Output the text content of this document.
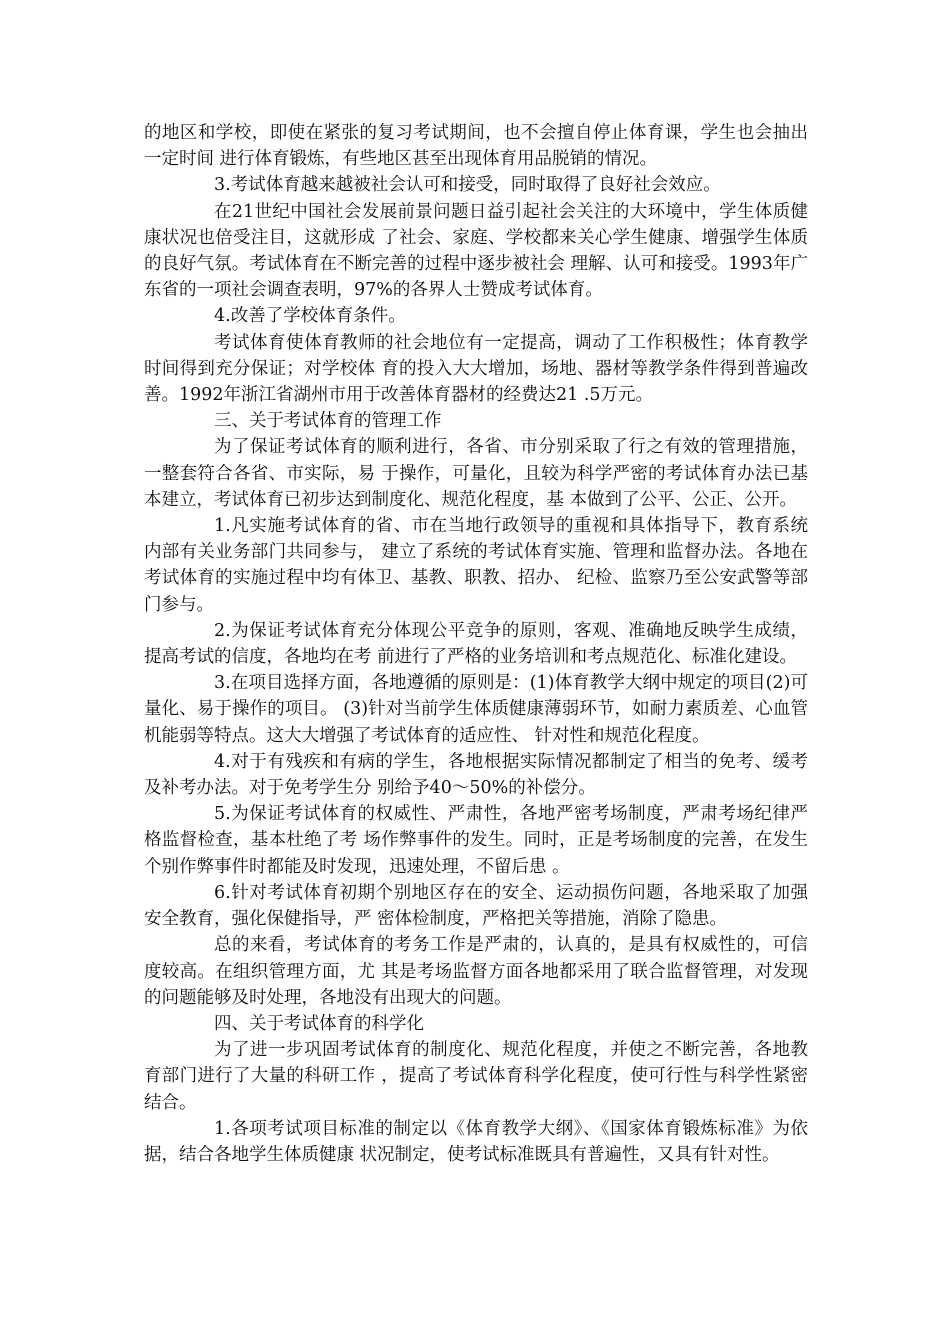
的地区和学校，即使在紧张的复习考试期间，也不会擅自停止体育课，学生也会抽出一定时间 进行体育锻炼，有些地区甚至出现体育用品脱销的情况。

3.考试体育越来越被社会认可和接受，同时取得了良好社会效应。

在21世纪中国社会发展前景问题日益引起社会关注的大环境中，学生体质健康状况也倍受注目，这就形成 了社会、家庭、学校都来关心学生健康、增强学生体质的良好气氛。考试体育在不断完善的过程中逐步被社会 理解、认可和接受。1993年广东省的一项社会调查表明，97%的各界人士赞成考试体育。

4.改善了学校体育条件。

考试体育使体育教师的社会地位有一定提高，调动了工作积极性；体育教学时间得到充分保证；对学校体 育的投入大大增加，场地、器材等教学条件得到普遍改善。1992年浙江省湖州市用于改善体育器材的经费达21 .5万元。

三、关于考试体育的管理工作

为了保证考试体育的顺利进行，各省、市分别采取了行之有效的管理措施，一整套符合各省、市实际，易 于操作，可量化，且较为科学严密的考试体育办法已基本建立，考试体育已初步达到制度化、规范化程度，基 本做到了公平、公正、公开。

1.凡实施考试体育的省、市在当地行政领导的重视和具体指导下，教育系统内部有关业务部门共同参与， 建立了系统的考试体育实施、管理和监督办法。各地在考试体育的实施过程中均有体卫、基教、职教、招办、 纪检、监察乃至公安武警等部门参与。

2.为保证考试体育充分体现公平竞争的原则，客观、准确地反映学生成绩，提高考试的信度，各地均在考 前进行了严格的业务培训和考点规范化、标准化建设。

3.在项目选择方面，各地遵循的原则是：(1)体育教学大纲中规定的项目(2)可量化、易于操作的项目。 (3)针对当前学生体质健康薄弱环节，如耐力素质差、心血管机能弱等特点。这大大增强了考试体育的适应性、 针对性和规范化程度。

4.对于有残疾和有病的学生，各地根据实际情况都制定了相当的免考、缓考及补考办法。对于免考学生分 别给予40～50%的补偿分。

5.为保证考试体育的权威性、严肃性，各地严密考场制度，严肃考场纪律严格监督检查，基本杜绝了考 场作弊事件的发生。同时，正是考场制度的完善，在发生个别作弊事件时都能及时发现，迅速处理，不留后患 。

6.针对考试体育初期个别地区存在的安全、运动损伤问题，各地采取了加强安全教育，强化保健指导，严 密体检制度，严格把关等措施，消除了隐患。

总的来看，考试体育的考务工作是严肃的，认真的，是具有权威性的，可信度较高。在组织管理方面，尤 其是考场监督方面各地都采用了联合监督管理，对发现的问题能够及时处理，各地没有出现大的问题。

四、关于考试体育的科学化

为了进一步巩固考试体育的制度化、规范化程度，并使之不断完善，各地教育部门进行了大量的科研工作 ，提高了考试体育科学化程度，使可行性与科学性紧密结合。

1.各项考试项目标准的制定以《体育教学大纲》、《国家体育锻炼标准》为依据，结合各地学生体质健康 状况制定，使考试标准既具有普遍性，又具有针对性。
